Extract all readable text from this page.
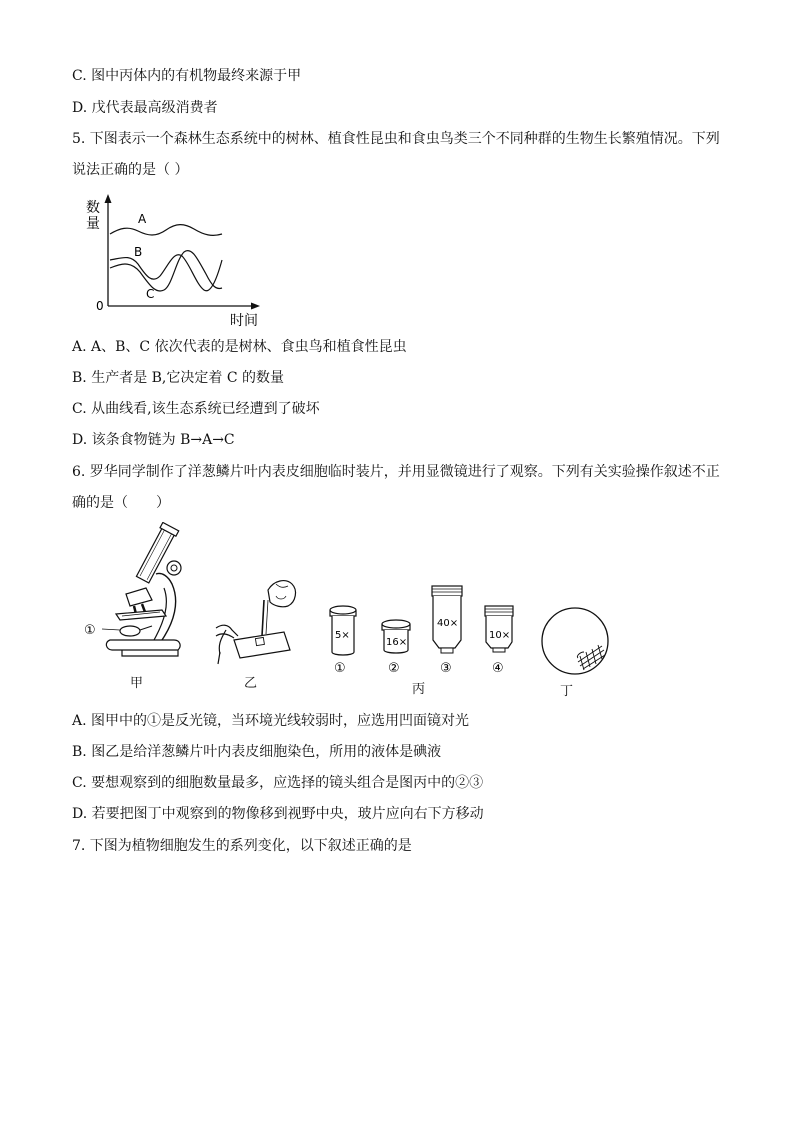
C. 图中丙体内的有机物最终来源于甲
D. 戊代表最高级消费者
5. 下图表示一个森林生态系统中的树林、植食性昆虫和食虫鸟类三个不同种群的生物生长繁殖情况。下列
说法正确的是（ ）
A
B
C
0
数
量
时间
A. A、B、C 依次代表的是树林、食虫鸟和植食性昆虫
B. 生产者是 B,它决定着 C 的数量
C. 从曲线看,该生态系统已经遭到了破坏
D. 该条食物链为 B→A→C
6. 罗华同学制作了洋葱鳞片叶内表皮细胞临时装片，并用显微镜进行了观察。下列有关实验操作叙述不正
确的是（　　）
①
甲	乙
5×
①
16×
②
40×
③
10×
④
丙	丁
A. 图甲中的①是反光镜，当环境光线较弱时，应选用凹面镜对光
B. 图乙是给洋葱鳞片叶内表皮细胞染色，所用的液体是碘液
C. 要想观察到的细胞数量最多，应选择的镜头组合是图丙中的②③
D. 若要把图丁中观察到的物像移到视野中央，玻片应向右下方移动
7. 下图为植物细胞发生的系列变化，以下叙述正确的是
